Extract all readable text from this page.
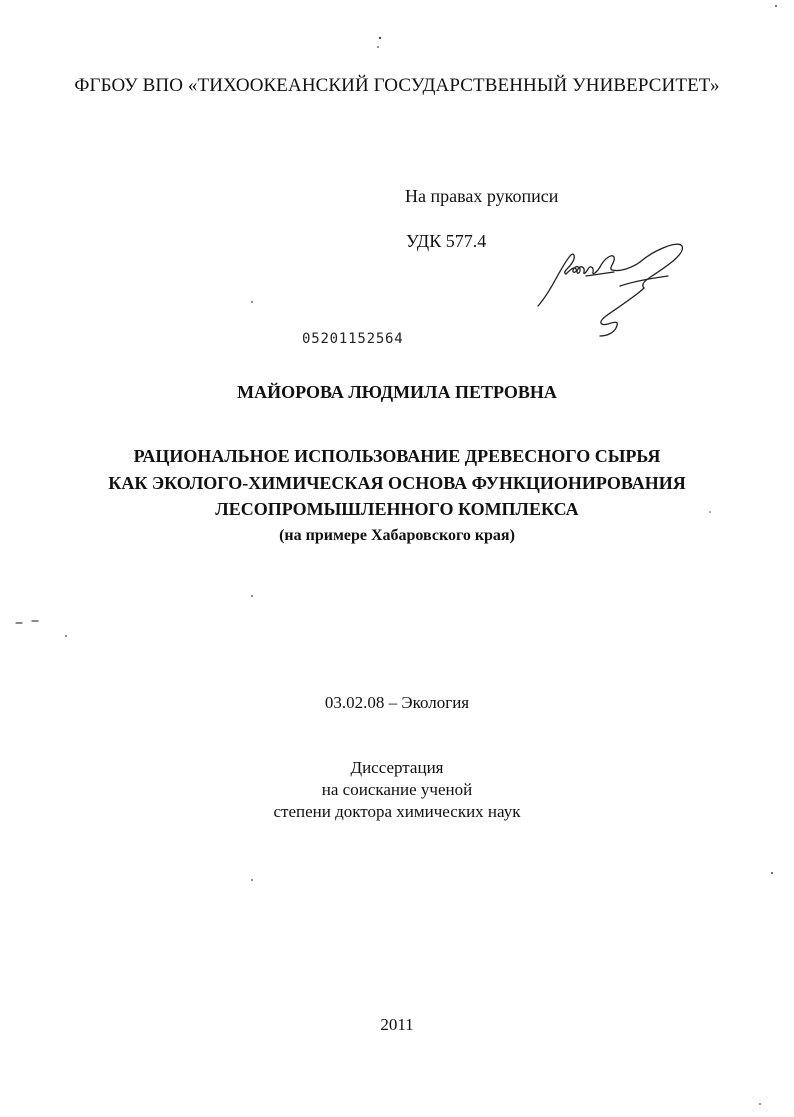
ФГБОУ ВПО «ТИХООКЕАНСКИЙ ГОСУДАРСТВЕННЫЙ УНИВЕРСИТЕТ»
На правах рукописи
УДК 577.4
05201152564
МАЙОРОВА ЛЮДМИЛА ПЕТРОВНА
РАЦИОНАЛЬНОЕ ИСПОЛЬЗОВАНИЕ ДРЕВЕСНОГО СЫРЬЯ
КАК ЭКОЛОГО-ХИМИЧЕСКАЯ ОСНОВА ФУНКЦИОНИРОВАНИЯ
ЛЕСОПРОМЫШЛЕННОГО КОМПЛЕКСА
(на примере Хабаровского края)
03.02.08 – Экология
Диссертация
на соискание ученой
степени доктора химических наук
2011
